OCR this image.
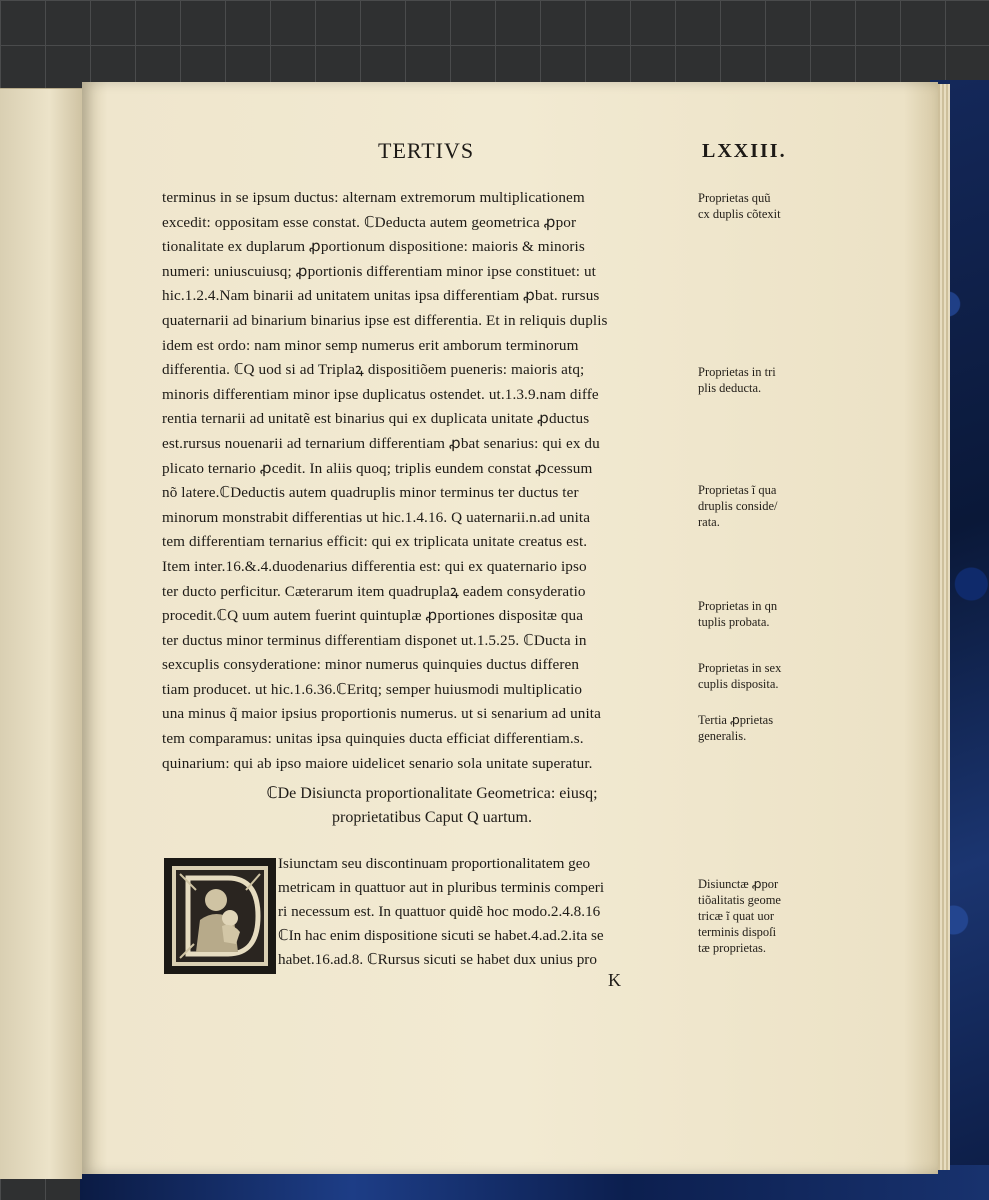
TERTIVS	LXXIII.
terminus in se ipsum ductus: alternam extremorum multiplicationem
excedit: oppositam esse constat. ℂDeducta autem geometrica ꝓpor
tionalitate ex duplarum ꝓportionum dispositione: maioris & minoris
numeri: uniuscuiusq; ꝓportionis differentiam minor ipse constituet: ut
hic.1.2.4.Nam binarii ad unitatem unitas ipsa differentiam ꝓbat. rursus
quaternarii ad binarium binarius ipse est differentia. Et in reliquis duplis
idem est ordo: nam minor semp numerus erit amborum terminorum
differentia. ℂQ uod si ad Triplaꝝ dispositiõem pueneris: maioris atq;
minoris differentiam minor ipse duplicatus ostendet. ut.1.3.9.nam diffe
rentia ternarii ad unitatẽ est binarius qui ex duplicata unitate ꝓductus
est.rursus nouenarii ad ternarium differentiam ꝓbat senarius: qui ex du
plicato ternario ꝓcedit. In aliis quoq; triplis eundem constat ꝓcessum
nõ latere.ℂDeductis autem quadruplis minor terminus ter ductus ter
minorum monstrabit differentias ut hic.1.4.16. Q uaternarii.n.ad unita
tem differentiam ternarius efficit: qui ex triplicata unitate creatus est.
Item inter.16.&.4.duodenarius differentia est: qui ex quaternario ipso
ter ducto perficitur. Cæterarum item quadruplaꝝ eadem consyderatio
procedit.ℂQ uum autem fuerint quintuplæ ꝓportiones dispositæ qua
ter ductus minor terminus differentiam disponet ut.1.5.25. ℂDucta in
sexcuplis consyderatione: minor numerus quinquies ductus differen
tiam producet. ut hic.1.6.36.ℂEritq; semper huiusmodi multiplicatio
una minus q̃ maior ipsius proportionis numerus. ut si senarium ad unita
tem comparamus: unitas ipsa quinquies ducta efficiat differentiam.s.
quinarium: qui ab ipso maiore uidelicet senario sola unitate superatur.
ℂDe Disiuncta proportionalitate Geometrica: eiusq;
proprietatibus Caput Q uartum.
Isiunctam seu discontinuam proportionalitatem geo
metricam in quattuor aut in pluribus terminis comperi
ri necessum est. In quattuor quidẽ hoc modo.2.4.8.16
ℂIn hac enim dispositione sicuti se habet.4.ad.2.ita se
habet.16.ad.8. ℂRursus sicuti se habet dux unius pro
K
Proprietas quũ
cx duplis cõtexit
Proprietas in tri
plis deducta.
Proprietas ĩ qua
druplis conside/
rata.
Proprietas in qn
tuplis probata.
Proprietas in sex
cuplis disposita.
Tertia ꝓprietas
generalis.
Disiunctæ ꝓpor
tiõalitatis geome
tricæ ĩ quat uor
terminis dispoſi
tæ proprietas.
